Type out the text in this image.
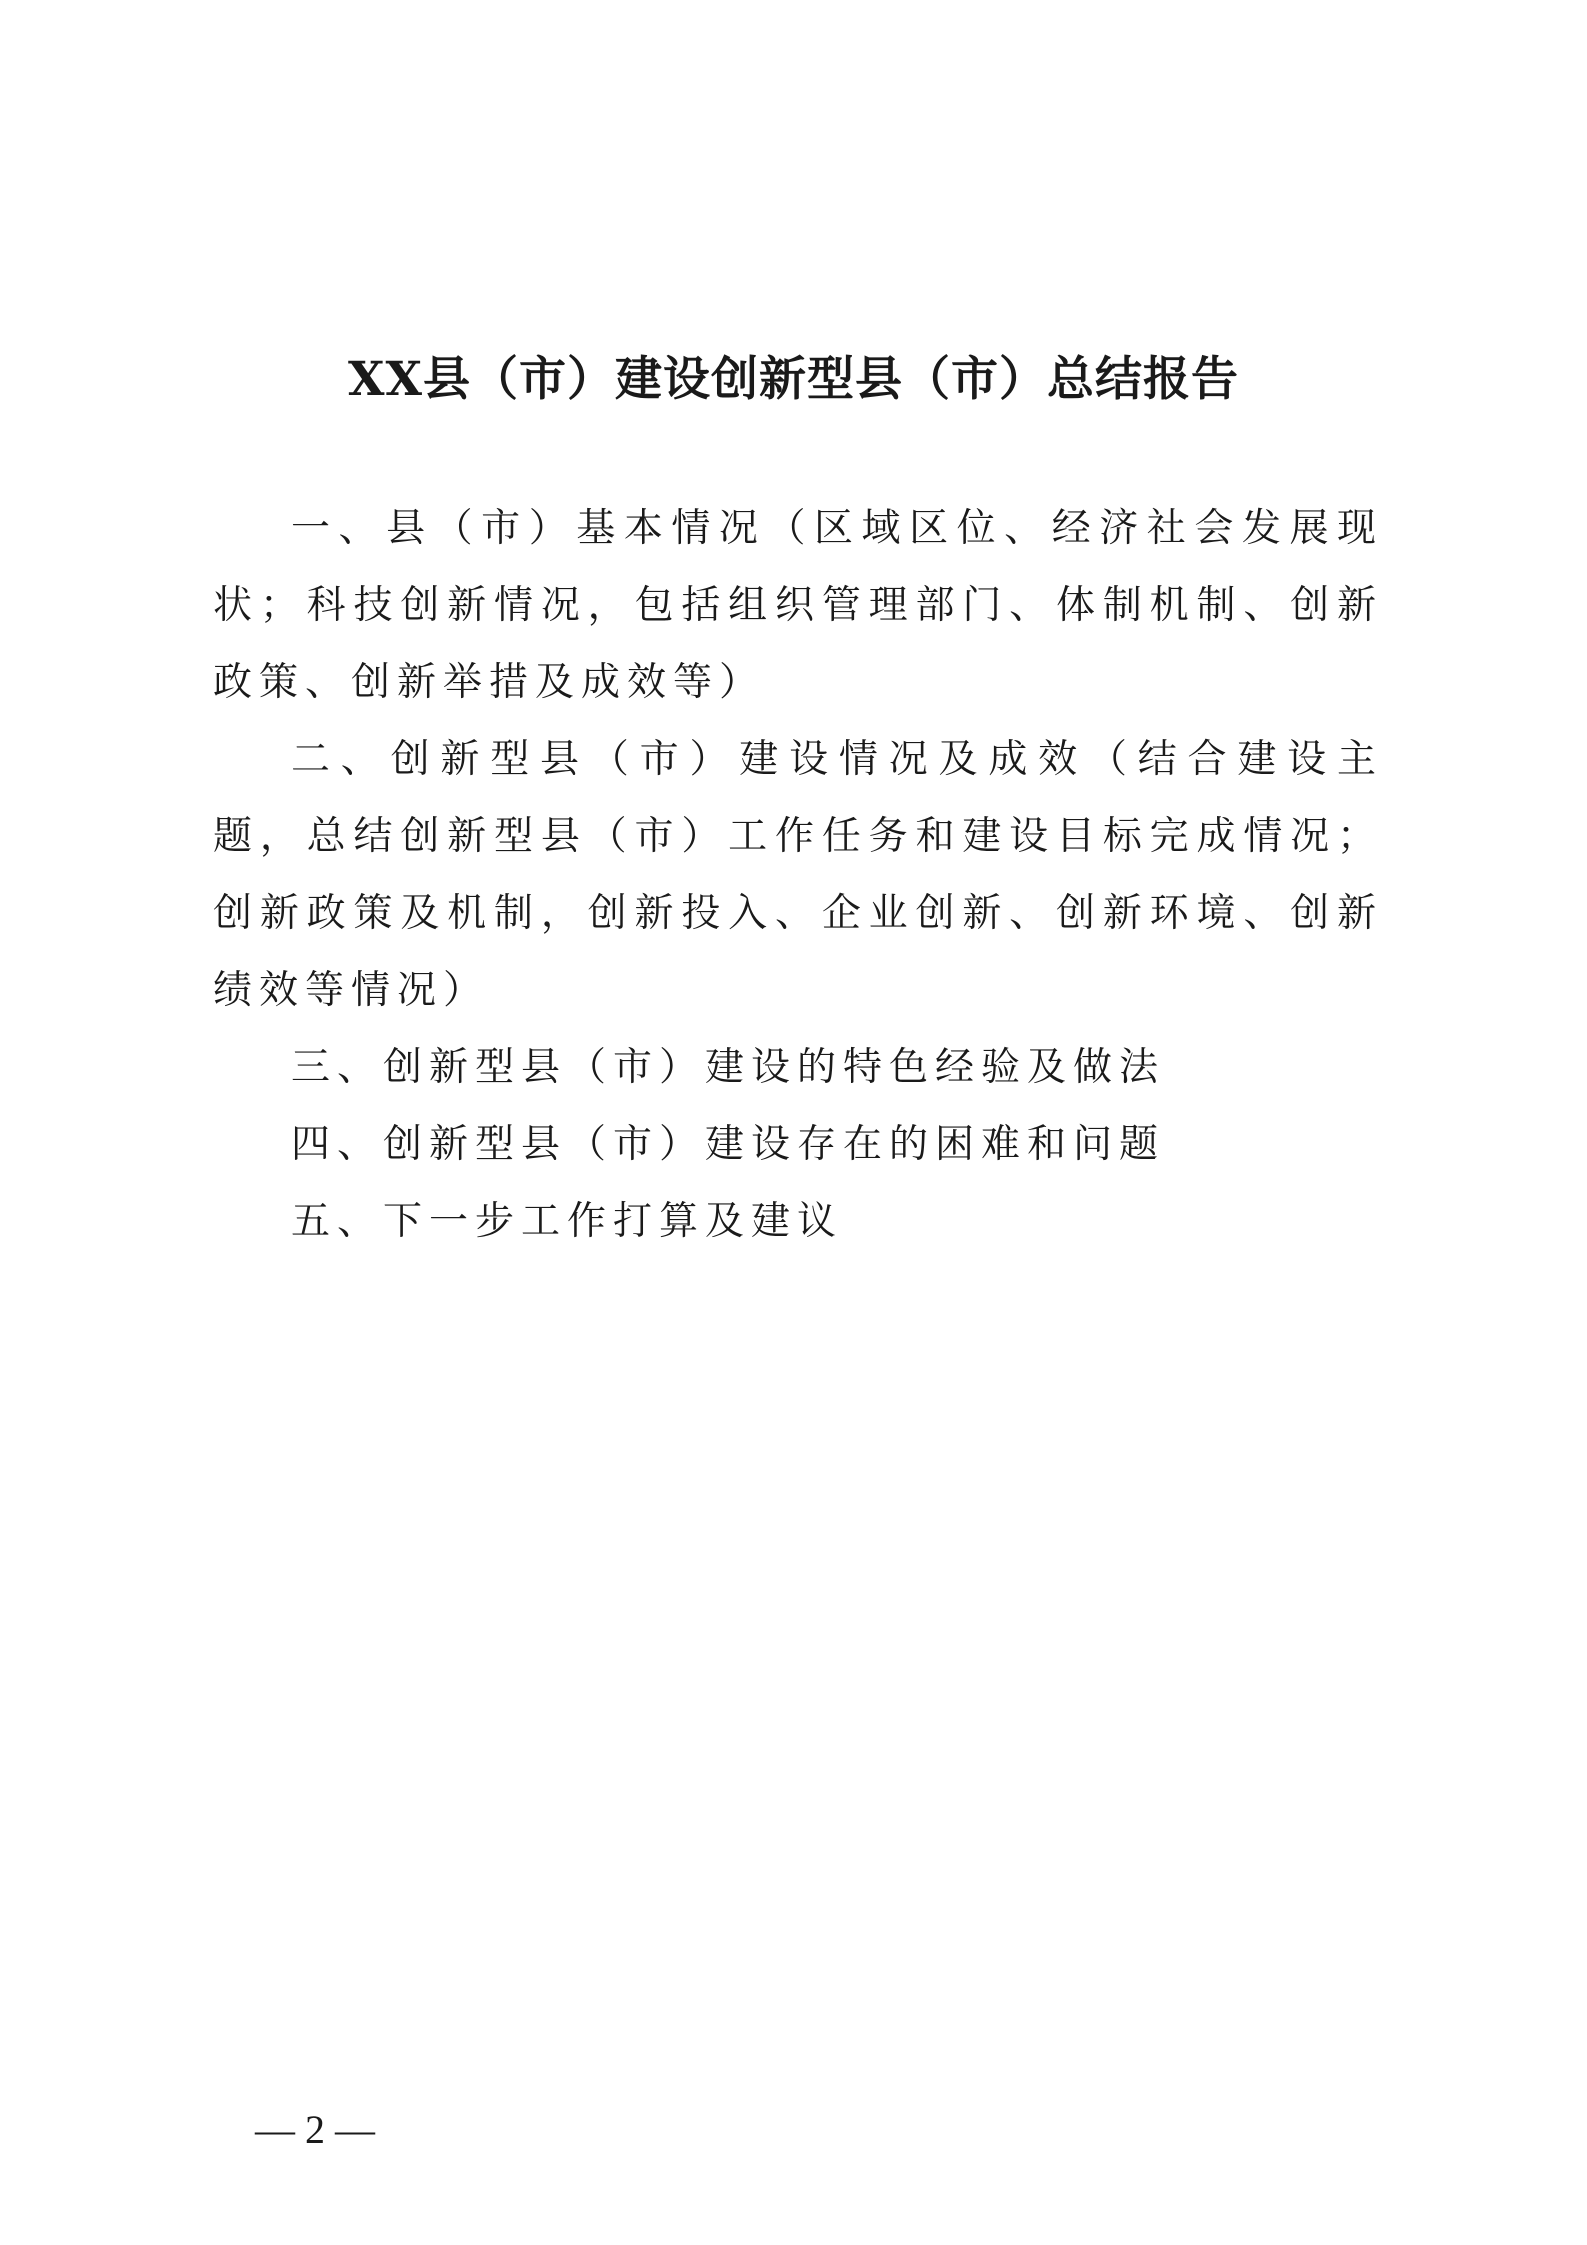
XX县（市）建设创新型县（市）总结报告

一、县（市）基本情况（区域区位、经济社会发展现状；科技创新情况，包括组织管理部门、体制机制、创新政策、创新举措及成效等）

二、创新型县（市）建设情况及成效（结合建设主题，总结创新型县（市）工作任务和建设目标完成情况；创新政策及机制，创新投入、企业创新、创新环境、创新绩效等情况）

三、创新型县（市）建设的特色经验及做法

四、创新型县（市）建设存在的困难和问题

五、下一步工作打算及建议

— 2 —
